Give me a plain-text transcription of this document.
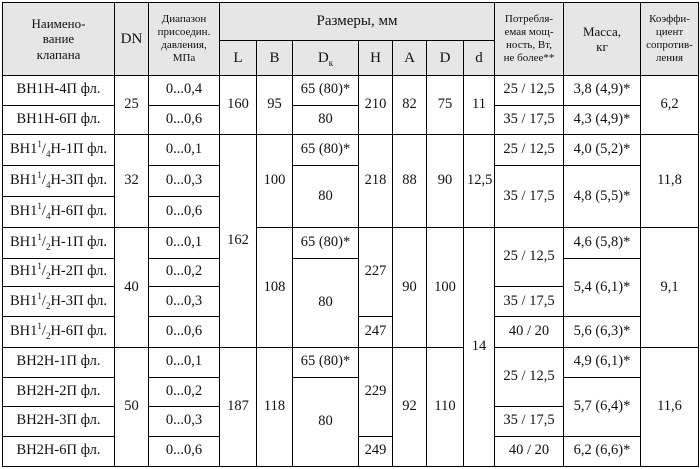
Наимено-
вание
клапана	DN	Диапазон
присоедин.
давления,
МПа	Размеры, мм							Потребля-
емая мощ-
ность, Вт,
не более**	Масса,
кг	Коэффи-
циент
сопротив-
ления
			L	B	$D_к$	H	A	D	d			
ВН1Н-4П фл.	25	0...0,4	160	95	65 (80)*	210	82	75	11	25 / 12,5	3,8 (4,9)*	6,2
ВН1Н-6П фл.		0...0,6			80					35 / 17,5	4,3 (4,9)*	
$ВН1^1/_4Н-1П$ фл.	32	0...0,1	162	100	65 (80)*	218	88	90	12,5	25 / 12,5	4,0 (5,2)*	11,8
$ВН1^1/_4Н-3П$ фл.		0...0,3			80					35 / 17,5	4,8 (5,5)*	
$ВН1^1/_4Н-6П$ фл.		0...0,6										
$ВН1^1/_2Н-1П$ фл.	40	0...0,1		108	65 (80)*	227	90	100	14	25 / 12,5	4,6 (5,8)*	9,1
$ВН1^1/_2Н-2П$ фл.		0...0,2			80						5,4 (6,1)*	
$ВН1^1/_2Н-3П$ фл.		0...0,3								35 / 17,5		
$ВН1^1/_2Н-6П$ фл.		0...0,6				247				40 / 20	5,6 (6,3)*	
ВН2Н-1П фл.	50	0...0,1	187	118	65 (80)*	229	92	110		25 / 12,5	4,9 (6,1)*	11,6
ВН2Н-2П фл.		0...0,2			80						5,7 (6,4)*	
ВН2Н-3П фл.		0...0,3								35 / 17,5		
ВН2Н-6П фл.		0...0,6				249				40 / 20	6,2 (6,6)*	
